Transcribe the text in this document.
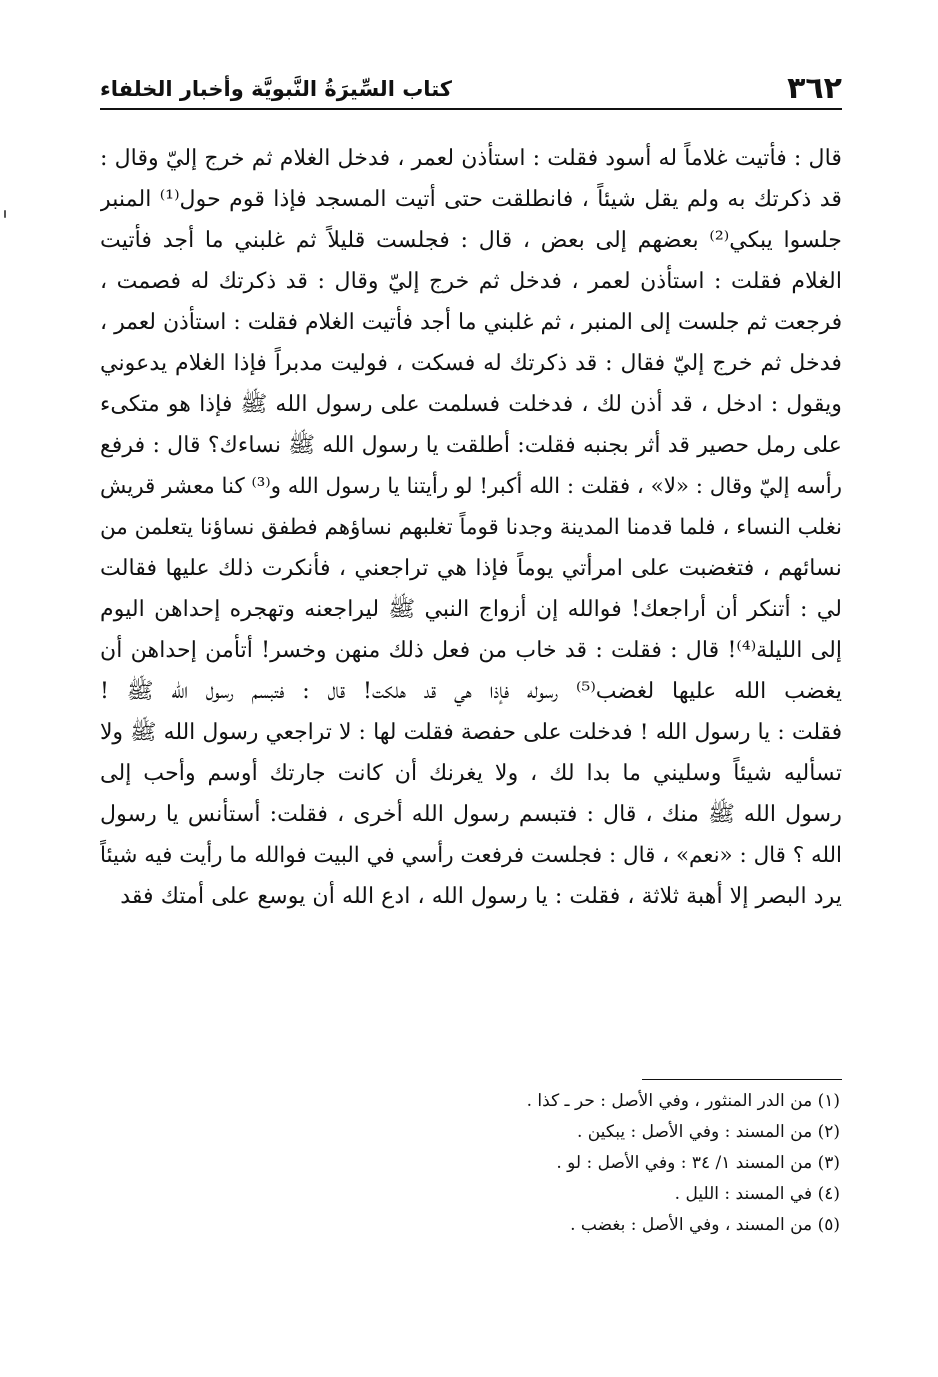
٣٦٢
كتاب السِّيرَةُ النَّبويَّة وأخبار الخلفاء
قال : فأتيت غلاماً له أسود فقلت : استأذن لعمر ، فدخل الغلام ثم خرج إليّ وقال :
قد ذكرتك به ولم يقل شيئاً ، فانطلقت حتى أتيت المسجد فإذا قوم حول⁽¹⁾ المنبر
جلسوا يبكي⁽²⁾ بعضهم إلى بعض ، قال : فجلست قليلاً ثم غلبني ما أجد فأتيت
الغلام فقلت : استأذن لعمر ، فدخل ثم خرج إليّ وقال : قد ذكرتك له فصمت ،
فرجعت ثم جلست إلى المنبر ، ثم غلبني ما أجد فأتيت الغلام فقلت : استأذن لعمر ،
فدخل ثم خرج إليّ فقال : قد ذكرتك له فسكت ، فوليت مدبراً فإذا الغلام يدعوني
ويقول : ادخل ، قد أذن لك ، فدخلت فسلمت على رسول الله ﷺ فإذا هو متكىء
على رمل حصير قد أثر بجنبه فقلت: أطلقت يا رسول الله ﷺ نساءك؟ قال : فرفع
رأسه إليّ وقال : «لا» ، فقلت : الله أكبر! لو رأيتنا يا رسول الله و⁽³⁾ كنا معشر قريش
نغلب النساء ، فلما قدمنا المدينة وجدنا قوماً تغلبهم نساؤهم فطفق نساؤنا يتعلمن من
نسائهم ، فتغضبت على امرأتي يوماً فإذا هي تراجعني ، فأنكرت ذلك عليها فقالت
لي : أتنكر أن أراجعك! فوالله إن أزواج النبي ﷺ ليراجعنه وتهجره إحداهن اليوم
إلى الليلة⁽⁴⁾! قال : فقلت : قد خاب من فعل ذلك منهن وخسر! أتأمن إحداهن أن
يغضب الله عليها لغضب⁽⁵⁾ رسوله فإذا هي قد هلكت! قال : فتبسم رسول الله ﷺ !
فقلت : يا رسول الله ! فدخلت على حفصة فقلت لها : لا تراجعي رسول الله ﷺ ولا
تسأليه شيئاً وسليني ما بدا لك ، ولا يغرنك أن كانت جارتك أوسم وأحب إلى
رسول الله ﷺ منك ، قال : فتبسم رسول الله أخرى ، فقلت: أستأنس يا رسول
الله ؟ قال : «نعم» ، قال : فجلست فرفعت رأسي في البيت فوالله ما رأيت فيه شيئاً
يرد البصر إلا أهبة ثلاثة ، فقلت : يا رسول الله ، ادع الله أن يوسع على أمتك فقد
(١) من الدر المنثور ، وفي الأصل : حر ـ كذا .
(٢) من المسند : وفي الأصل : يبكين .
(٣) من المسند ١/ ٣٤ : وفي الأصل : لو .
(٤) في المسند : الليل .
(٥) من المسند ، وفي الأصل : بغضب .
